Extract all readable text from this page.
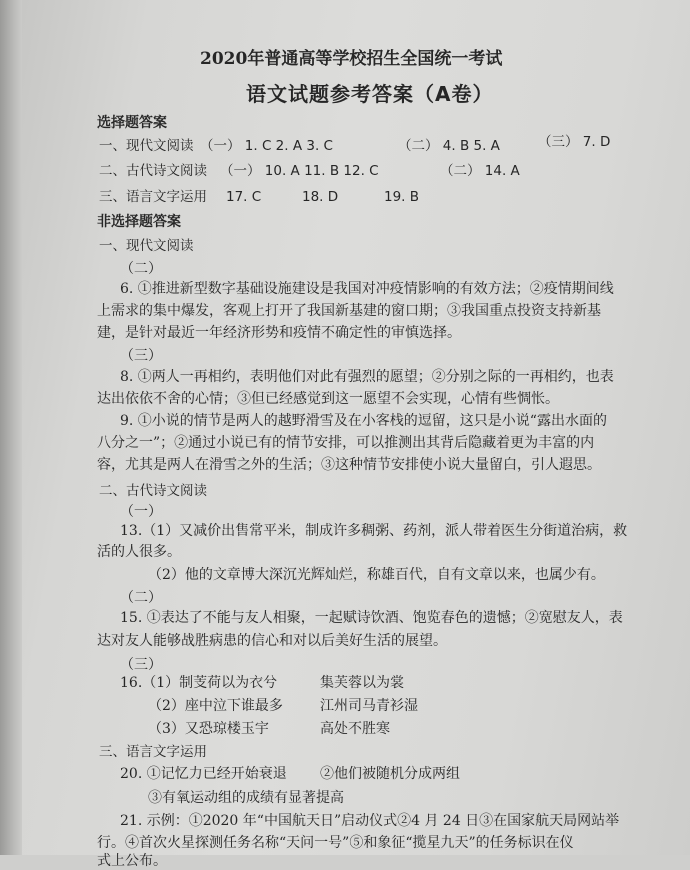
2020年普通高等学校招生全国统一考试
语文试题参考答案（A卷）
选择题答案
一、现代文阅读 （一） 1. C 2. A 3. C	（二） 4. B 5. A	（三） 7. D
二、古代诗文阅读 （一） 10. A 11. B 12. C	（二） 14. A
三、语言文字运用 17. C	18. D	19. B
非选择题答案
一、现代文阅读
（二）
6. ①推进新型数字基础设施建设是我国对冲疫情影响的有效方法；②疫情期间线
上需求的集中爆发，客观上打开了我国新基建的窗口期；③我国重点投资支持新基
建，是针对最近一年经济形势和疫情不确定性的审慎选择。
（三）
8. ①两人一再相约，表明他们对此有强烈的愿望；②分别之际的一再相约，也表
达出依依不舍的心情；③但已经感觉到这一愿望不会实现，心情有些惆怅。
9. ①小说的情节是两人的越野滑雪及在小客栈的逗留，这只是小说“露出水面的
八分之一”；②通过小说已有的情节安排，可以推测出其背后隐藏着更为丰富的内
容，尤其是两人在滑雪之外的生活；③这种情节安排使小说大量留白，引人遐思。
二、古代诗文阅读
（一）
13.（1）又减价出售常平米，制成许多稠粥、药剂，派人带着医生分街道治病，救
活的人很多。
（2）他的文章博大深沉光辉灿烂，称雄百代，自有文章以来，也属少有。
（二）
15. ①表达了不能与友人相聚，一起赋诗饮酒、饱览春色的遗憾；②宽慰友人，表
达对友人能够战胜病患的信心和对以后美好生活的展望。
（三）
16.（1）制芰荷以为衣兮	集芙蓉以为裳
（2）座中泣下谁最多	江州司马青衫湿
（3）又恐琼楼玉宇	高处不胜寒
三、语言文字运用
20. ①记忆力已经开始衰退 ②他们被随机分成两组
③有氧运动组的成绩有显著提高
21. 示例：①2020 年“中国航天日”启动仪式②4 月 24 日③在国家航天局网站举
行。④首次火星探测任务名称“天问一号”⑤和象征“揽星九天”的任务标识在仪
式上公布。
